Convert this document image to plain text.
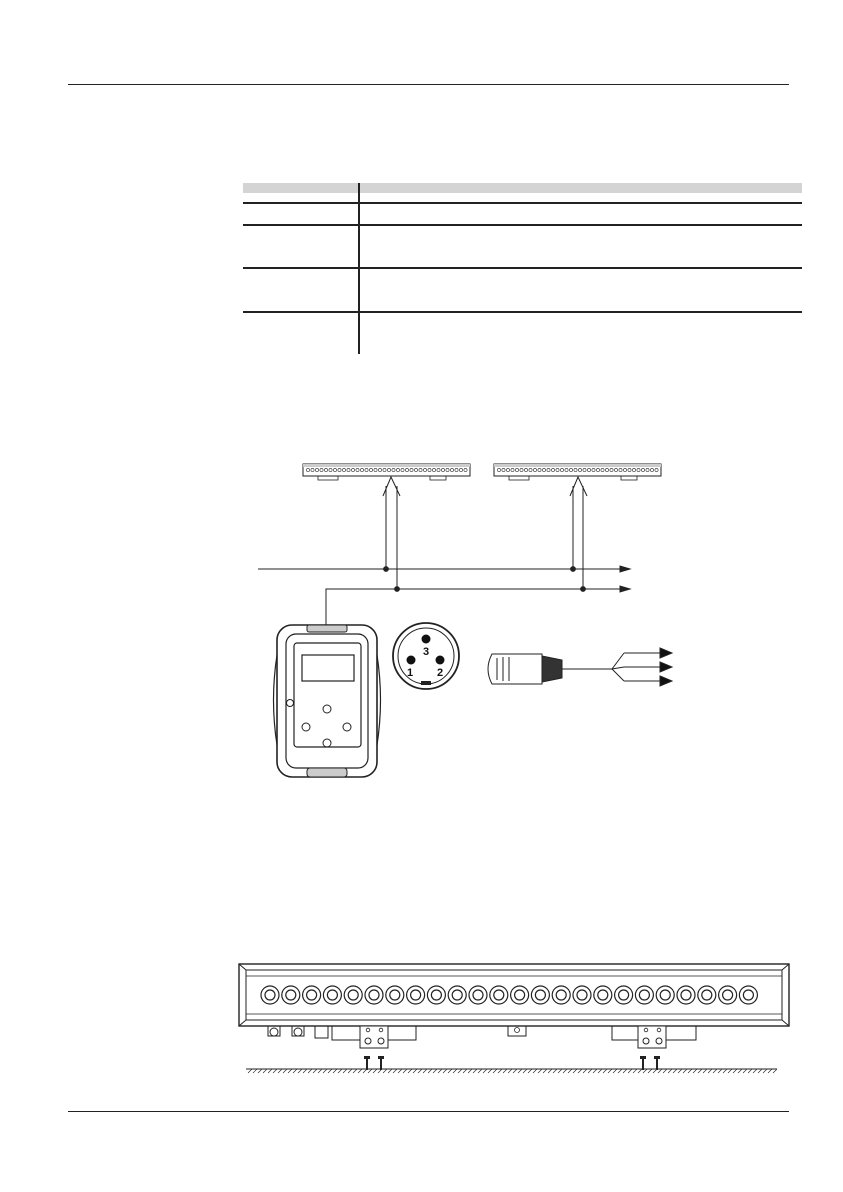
3
1 2
